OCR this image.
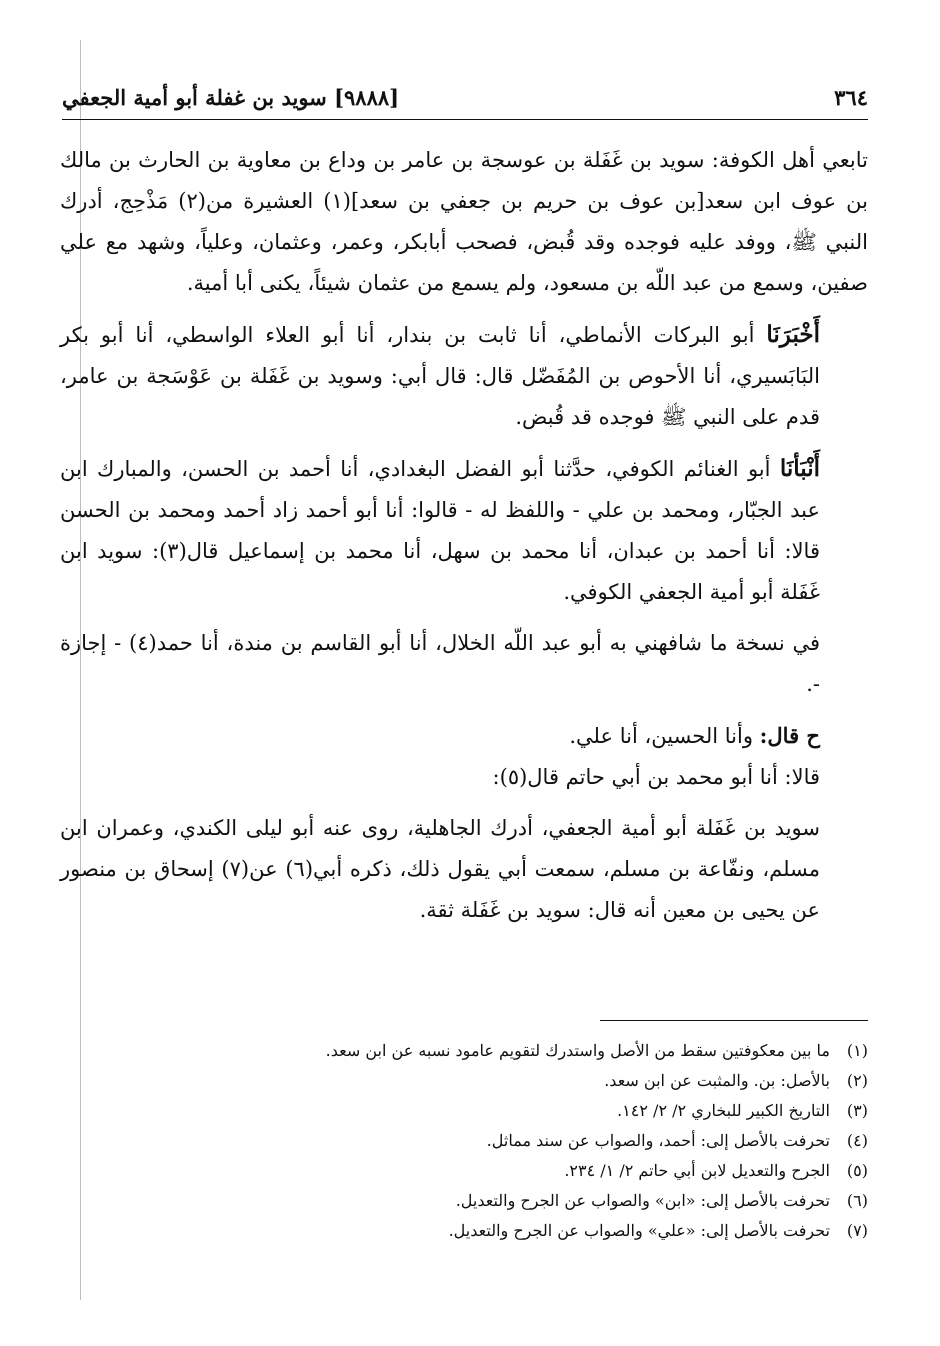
٣٦٤
[٩٨٨٨] سويد بن غفلة أبو أمية الجعفي

تابعي أهل الكوفة: سويد بن غَفَلة بن عوسجة بن عامر بن وداع بن معاوية بن الحارث بن مالك بن عوف ابن سعد[بن عوف بن حريم بن جعفي بن سعد](١) العشيرة من(٢) مَذْحِج، أدرك النبي ﷺ، ووفد عليه فوجده وقد قُبض، فصحب أبابكر، وعمر، وعثمان، وعلياً، وشهد مع علي صفين، وسمع من عبد اللّه بن مسعود، ولم يسمع من عثمان شيئاً، يكنى أبا أمية.

أَخْبَرَنَا أبو البركات الأنماطي، أنا ثابت بن بندار، أنا أبو العلاء الواسطي، أنا أبو بكر البَابَسيري، أنا الأحوص بن المُفَضّل قال: قال أبي: وسويد بن غَفَلة بن عَوْسَجة بن عامر، قدم على النبي ﷺ فوجده قد قُبض.

أَنْبَأنَا أبو الغنائم الكوفي، حدَّثنا أبو الفضل البغدادي، أنا أحمد بن الحسن، والمبارك ابن عبد الجبّار، ومحمد بن علي - واللفظ له - قالوا: أنا أبو أحمد زاد أحمد ومحمد بن الحسن قالا: أنا أحمد بن عبدان، أنا محمد بن سهل، أنا محمد بن إسماعيل قال(٣): سويد ابن غَفَلة أبو أمية الجعفي الكوفي.

في نسخة ما شافهني به أبو عبد اللّه الخلال، أنا أبو القاسم بن مندة، أنا حمد(٤) - إجازة -.

ح قال: وأنا الحسين، أنا علي.

قالا: أنا أبو محمد بن أبي حاتم قال(٥):

سويد بن غَفَلة أبو أمية الجعفي، أدرك الجاهلية، روى عنه أبو ليلى الكندي، وعمران ابن مسلم، ونفّاعة بن مسلم، سمعت أبي يقول ذلك، ذكره أبي(٦) عن(٧) إسحاق بن منصور عن يحيى بن معين أنه قال: سويد بن غَفَلة ثقة.

(١)
ما بين معكوفتين سقط من الأصل واستدرك لتقويم عامود نسبه عن ابن سعد.
(٢)
بالأصل: بن. والمثبت عن ابن سعد.
(٣)
التاريخ الكبير للبخاري ٢/ ٢/ ١٤٢.
(٤)
تحرفت بالأصل إلى: أحمد، والصواب عن سند مماثل.
(٥)
الجرح والتعديل لابن أبي حاتم ٢/ ١/ ٢٣٤.
(٦)
تحرفت بالأصل إلى: «ابن» والصواب عن الجرح والتعديل.
(٧)
تحرفت بالأصل إلى: «علي» والصواب عن الجرح والتعديل.
